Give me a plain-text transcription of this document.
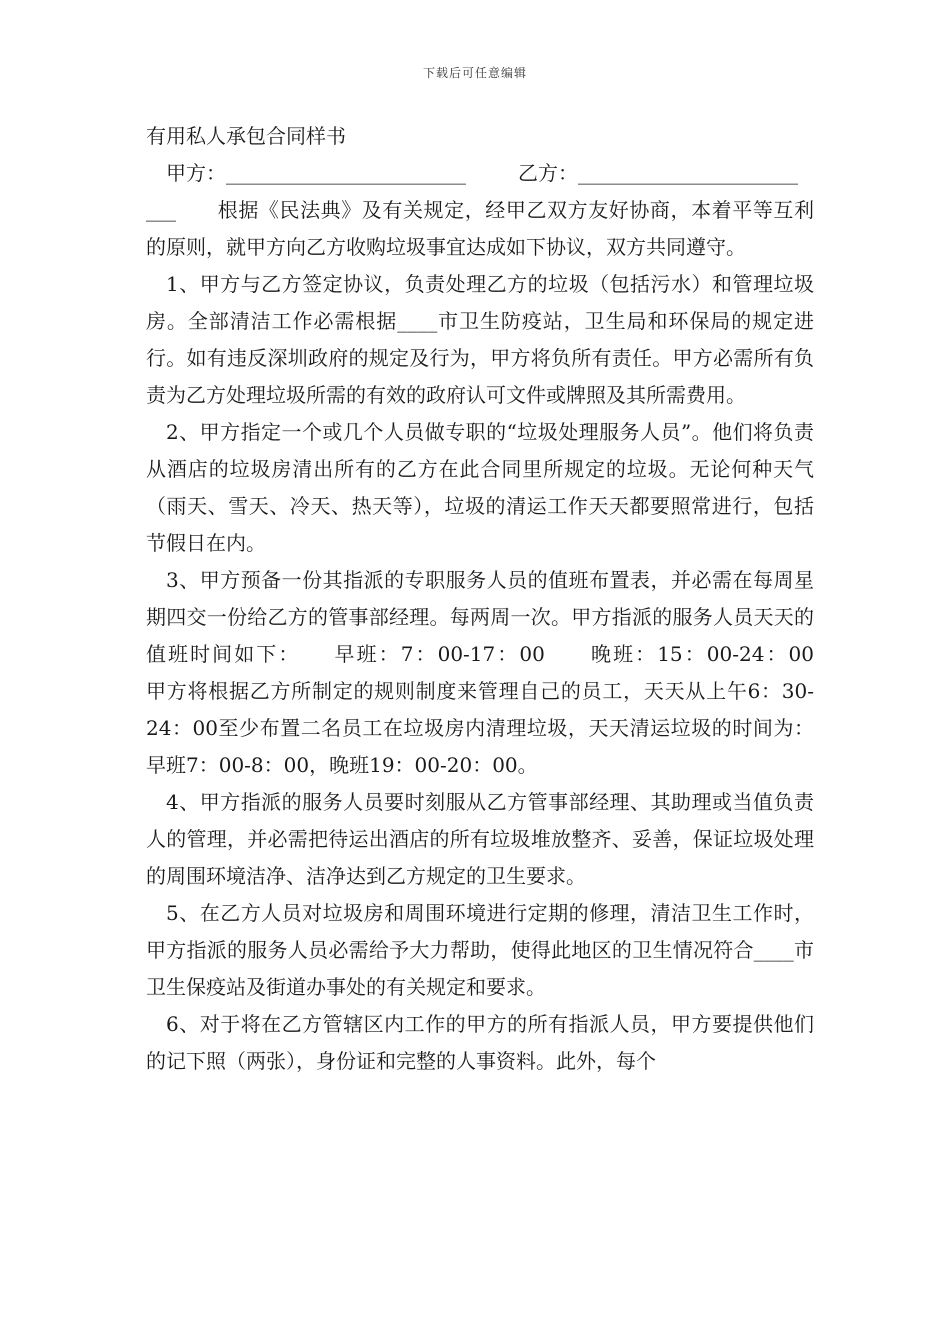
下载后可任意编辑
有用私人承包合同样书

甲方：________________________	乙方：______________________

___　　根据《民法典》及有关规定，经甲乙双方友好协商，本着平等互利的原则，就甲方向乙方收购垃圾事宜达成如下协议，双方共同遵守。

1、甲方与乙方签定协议，负责处理乙方的垃圾（包括污水）和管理垃圾房。全部清洁工作必需根据____市卫生防疫站，卫生局和环保局的规定进行。如有违反深圳政府的规定及行为，甲方将负所有责任。甲方必需所有负责为乙方处理垃圾所需的有效的政府认可文件或牌照及其所需费用。

2、甲方指定一个或几个人员做专职的“垃圾处理服务人员”。他们将负责从酒店的垃圾房清出所有的乙方在此合同里所规定的垃圾。无论何种天气（雨天、雪天、冷天、热天等），垃圾的清运工作天天都要照常进行，包括节假日在内。

3、甲方预备一份其指派的专职服务人员的值班布置表，并必需在每周星期四交一份给乙方的管事部经理。每两周一次。甲方指派的服务人员天天的值班时间如下：　　早班：7：00-17：00　　晚班：15：00-24：00　　甲方将根据乙方所制定的规则制度来管理自己的员工，天天从上午6：30-24：00至少布置二名员工在垃圾房内清理垃圾，天天清运垃圾的时间为：早班7：00-8：00，晚班19：00-20：00。

4、甲方指派的服务人员要时刻服从乙方管事部经理、其助理或当值负责人的管理，并必需把待运出酒店的所有垃圾堆放整齐、妥善，保证垃圾处理的周围环境洁净、洁净达到乙方规定的卫生要求。

5、在乙方人员对垃圾房和周围环境进行定期的修理，清洁卫生工作时，甲方指派的服务人员必需给予大力帮助，使得此地区的卫生情况符合____市卫生保疫站及街道办事处的有关规定和要求。

6、对于将在乙方管辖区内工作的甲方的所有指派人员，甲方要提供他们的记下照（两张），身份证和完整的人事资料。此外，每个
